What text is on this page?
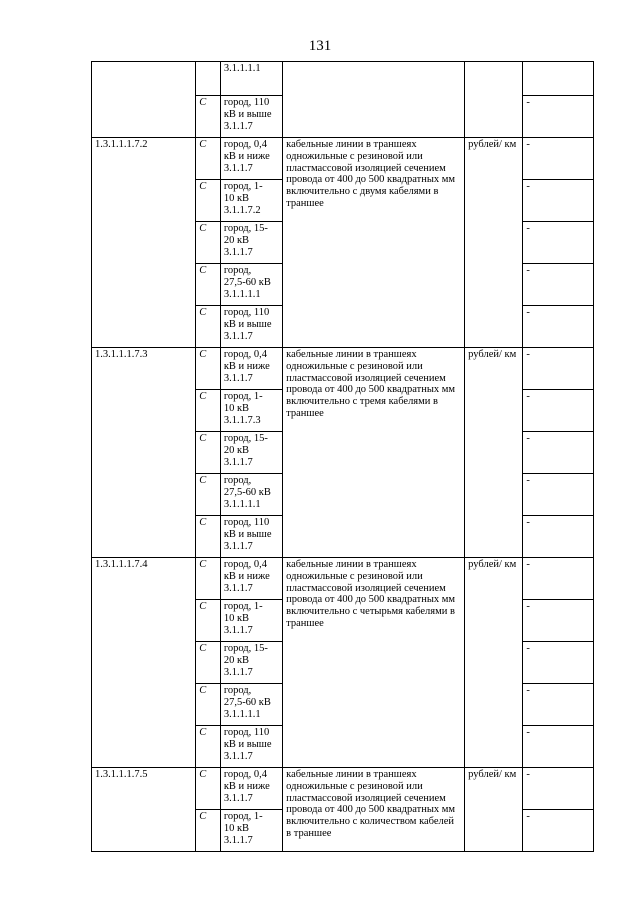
131

		3.1.1.1.1			

	С	город, 110
кВ и выше
3.1.1.7			-
1.3.1.1.1.7.2	С	город, 0,4
кВ и ниже
3.1.1.7	кабельные линии в траншеях одножильные с резиновой или пластмассовой изоляцией сечением провода от 400 до 500 квадратных мм включительно с двумя кабелями в траншее	рублей/ км	-
	С	город, 1-
10 кВ
3.1.1.7.2			-
	С	город, 15-
20 кВ
3.1.1.7			-
	С	город,
27,5-60 кВ
3.1.1.1.1			-
	С	город, 110
кВ и выше
3.1.1.7			-
1.3.1.1.1.7.3	С	город, 0,4
кВ и ниже
3.1.1.7	кабельные линии в траншеях одножильные с резиновой или пластмассовой изоляцией сечением провода от 400 до 500 квадратных мм включительно с тремя кабелями в траншее	рублей/ км	-
	С	город, 1-
10 кВ
3.1.1.7.3			-
	С	город, 15-
20 кВ
3.1.1.7			-
	С	город,
27,5-60 кВ
3.1.1.1.1			-
	С	город, 110
кВ и выше
3.1.1.7			-
1.3.1.1.1.7.4	С	город, 0,4
кВ и ниже
3.1.1.7	кабельные линии в траншеях одножильные с резиновой или пластмассовой изоляцией сечением провода от 400 до 500 квадратных мм включительно с четырьмя кабелями в траншее	рублей/ км	-
	С	город, 1-
10 кВ
3.1.1.7			-
	С	город, 15-
20 кВ
3.1.1.7			-
	С	город,
27,5-60 кВ
3.1.1.1.1			-
	С	город, 110
кВ и выше
3.1.1.7			-
1.3.1.1.1.7.5	С	город, 0,4
кВ и ниже
3.1.1.7	кабельные линии в траншеях одножильные с резиновой или пластмассовой изоляцией сечением провода от 400 до 500 квадратных мм включительно с количеством кабелей в траншее	рублей/ км	-
	С	город, 1-
10 кВ
3.1.1.7			-
